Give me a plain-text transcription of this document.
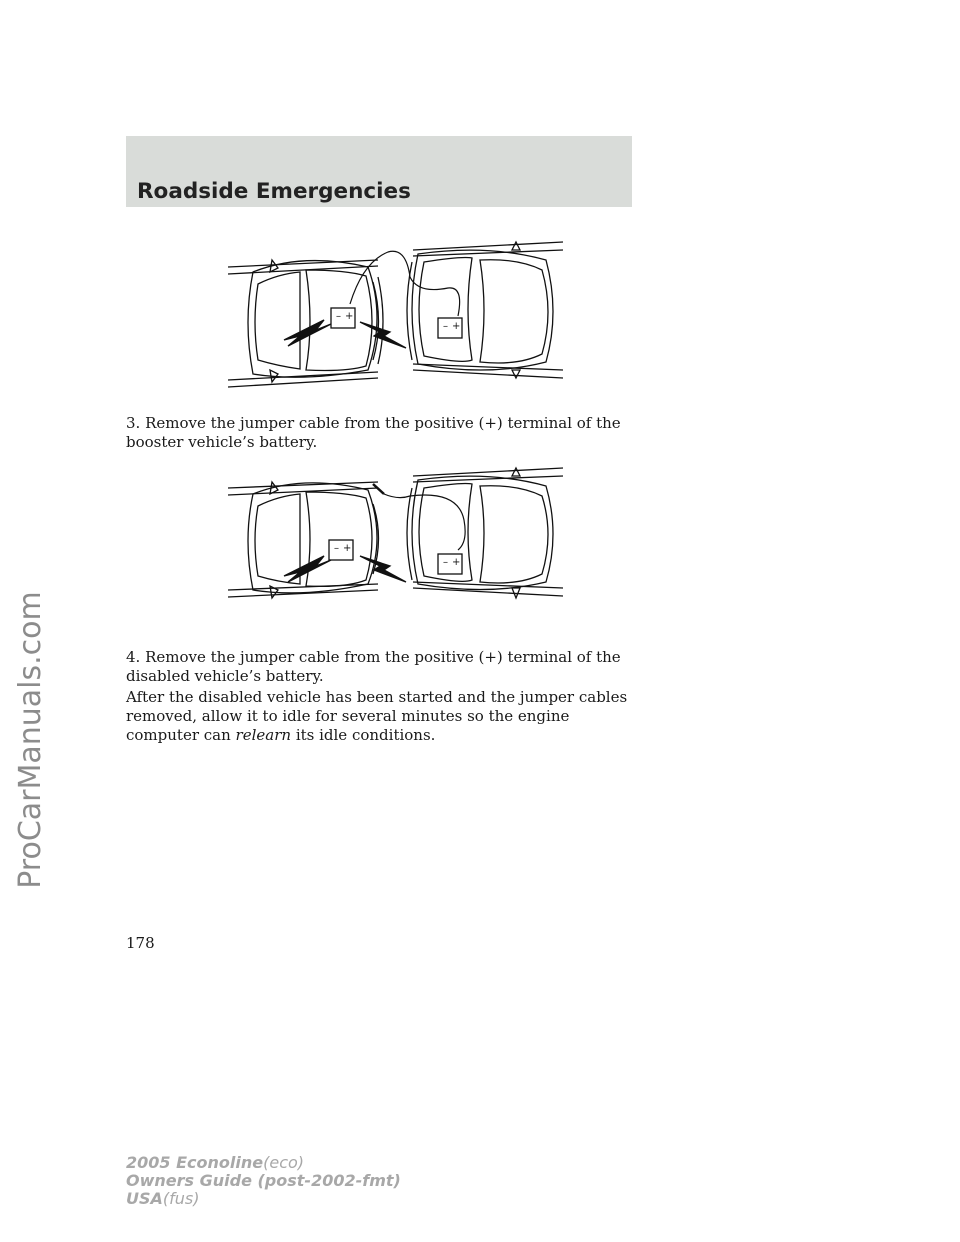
ProCarManuals.com
Roadside Emergencies
– +
– +

3. Remove the jumper cable from the positive (+) terminal of the booster vehicle’s battery.

– +
– +

4. Remove the jumper cable from the positive (+) terminal of the disabled vehicle’s battery.

After the disabled vehicle has been started and the jumper cables removed, allow it to idle for several minutes so the engine computer can relearn its idle conditions.

178
2005 Econoline(eco)
Owners Guide (post-2002-fmt)
USA(fus)
